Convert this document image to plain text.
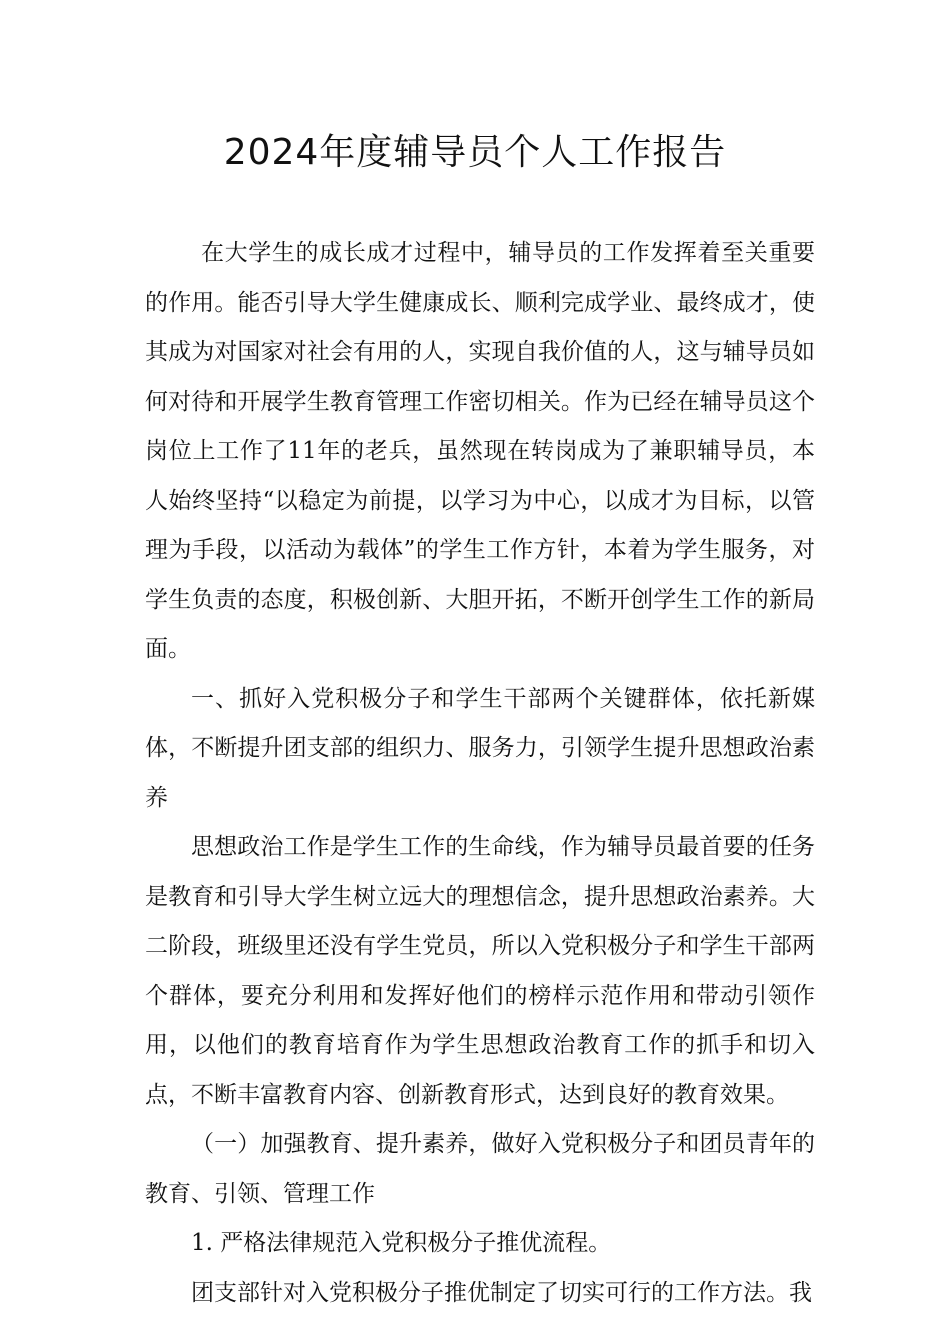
2024年度辅导员个人工作报告

在大学生的成长成才过程中，辅导员的工作发挥着至关重要的作用。能否引导大学生健康成长、顺利完成学业、最终成才，使其成为对国家对社会有用的人，实现自我价值的人，这与辅导员如何对待和开展学生教育管理工作密切相关。作为已经在辅导员这个岗位上工作了11年的老兵，虽然现在转岗成为了兼职辅导员，本人始终坚持“以稳定为前提，以学习为中心，以成才为目标，以管理为手段，以活动为载体”的学生工作方针，本着为学生服务，对学生负责的态度，积极创新、大胆开拓，不断开创学生工作的新局面。

一、抓好入党积极分子和学生干部两个关键群体，依托新媒体，不断提升团支部的组织力、服务力，引领学生提升思想政治素养

思想政治工作是学生工作的生命线，作为辅导员最首要的任务是教育和引导大学生树立远大的理想信念，提升思想政治素养。大二阶段，班级里还没有学生党员，所以入党积极分子和学生干部两个群体，要充分利用和发挥好他们的榜样示范作用和带动引领作用，以他们的教育培育作为学生思想政治教育工作的抓手和切入点，不断丰富教育内容、创新教育形式，达到良好的教育效果。

（一）加强教育、提升素养，做好入党积极分子和团员青年的教育、引领、管理工作

1. 严格法律规范入党积极分子推优流程。

团支部针对入党积极分子推优制定了切实可行的工作方法。我
